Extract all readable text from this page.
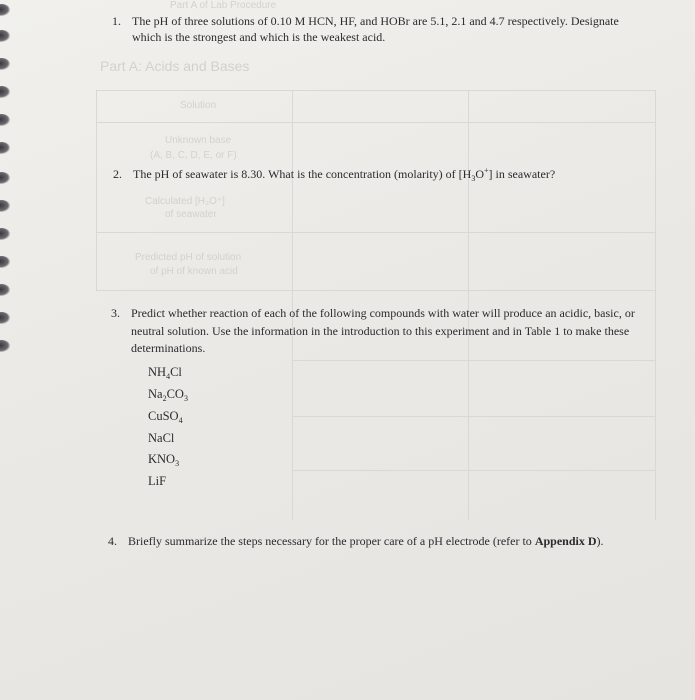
Part A of Lab Procedure
Part A: Acids and Bases
Solution
Unknown base
(A, B, C, D, E, or F)
Calculated [H₃O⁺]
of seawater
Predicted pH of solution
of pH of known acid
1. The pH of three solutions of 0.10 M HCN, HF, and HOBr are 5.1, 2.1 and 4.7 respectively. Designate
which is the strongest and which is the weakest acid.
2. The pH of seawater is 8.30. What is the concentration (molarity) of $[H_3O^+]$ in seawater?
3. Predict whether reaction of each of the following compounds with water will produce an acidic, basic, or
neutral solution. Use the information in the introduction to this experiment and in Table 1 to make these
determinations.
$NH_4Cl$
$Na_2CO_3$
CuSO$_4$
NaCl
$KNO_3$
LiF
4. Briefly summarize the steps necessary for the proper care of a pH electrode (refer to Appendix D).
